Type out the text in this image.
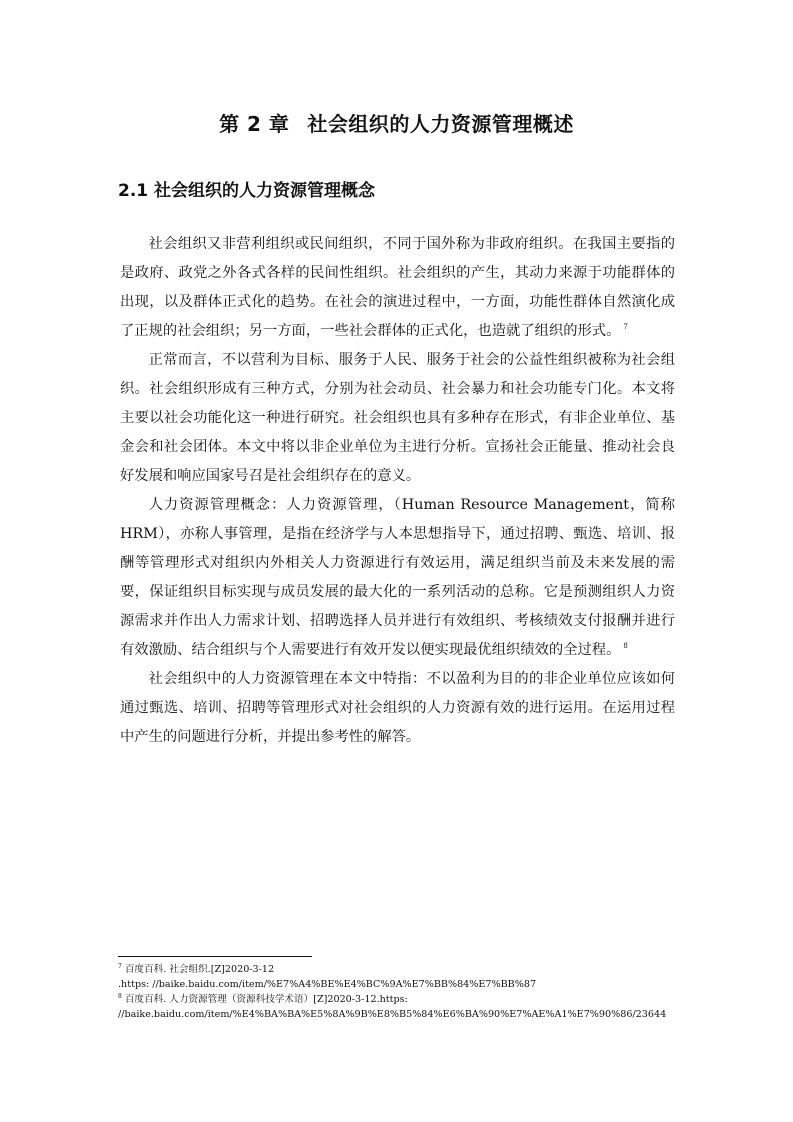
第 2 章 社会组织的人力资源管理概述
2.1 社会组织的人力资源管理概念

社会组织又非营利组织或民间组织，不同于国外称为非政府组织。在我国主要指的是政府、政党之外各式各样的民间性组织。社会组织的产生，其动力来源于功能群体的出现，以及群体正式化的趋势。在社会的演进过程中，一方面，功能性群体自然演化成了正规的社会组织；另一方面，一些社会群体的正式化，也造就了组织的形式。 $^7$

正常而言，不以营利为目标、服务于人民、服务于社会的公益性组织被称为社会组织。社会组织形成有三种方式，分别为社会动员、社会暴力和社会功能专门化。本文将主要以社会功能化这一种进行研究。社会组织也具有多种存在形式，有非企业单位、基金会和社会团体。本文中将以非企业单位为主进行分析。宣扬社会正能量、推动社会良好发展和响应国家号召是社会组织存在的意义。

人力资源管理概念：人力资源管理，（Human Resource Management，简称HRM），亦称人事管理，是指在经济学与人本思想指导下，通过招聘、甄选、培训、报酬等管理形式对组织内外相关人力资源进行有效运用，满足组织当前及未来发展的需要，保证组织目标实现与成员发展的最大化的一系列活动的总称。它是预测组织人力资源需求并作出人力需求计划、招聘选择人员并进行有效组织、考核绩效支付报酬并进行有效激励、结合组织与个人需要进行有效开发以便实现最优组织绩效的全过程。 $^8$

社会组织中的人力资源管理在本文中特指：不以盈利为目的的非企业单位应该如何通过甄选、培训、招聘等管理形式对社会组织的人力资源有效的进行运用。在运用过程中产生的问题进行分析，并提出参考性的解答。

$^7$ 百度百科. 社会组织.[Z]2020-3-12

.https: //baike.baidu.com/item/%E7%A4%BE%E4%BC%9A%E7%BB%84%E7%BB%87

$^8$ 百度百科. 人力资源管理（资源科技学术语）[Z]2020-3-12.https:

//baike.baidu.com/item/%E4%BA%BA%E5%8A%9B%E8%B5%84%E6%BA%90%E7%AE%A1%E7%90%86/23644
